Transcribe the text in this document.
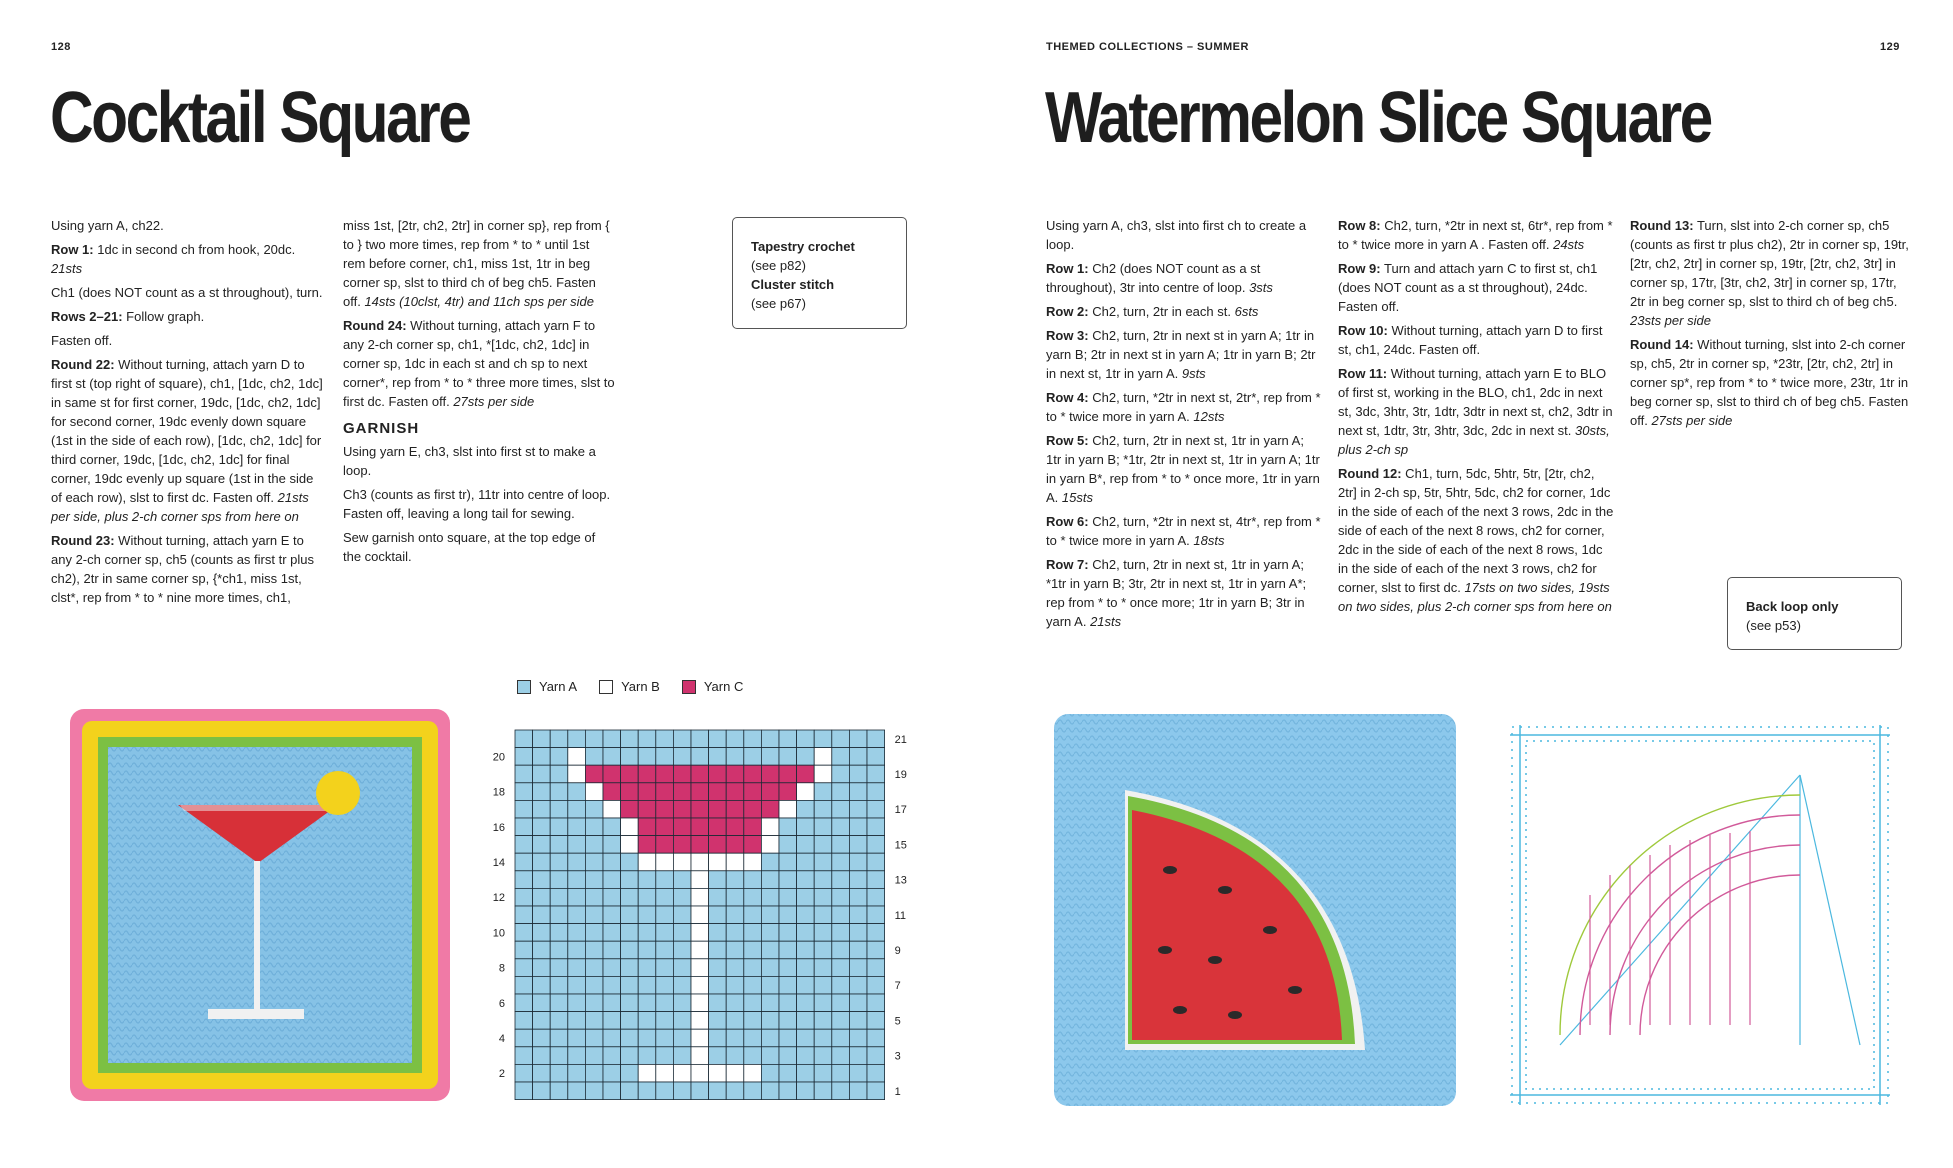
128
Cocktail Square

Using yarn A, ch22.

Row 1: 1dc in second ch from hook, 20dc. 21sts

Ch1 (does NOT count as a st throughout), turn.

Rows 2–21: Follow graph.

Fasten off.

Round 22: Without turning, attach yarn D to first st (top right of square), ch1, [1dc, ch2, 1dc] in same st for first corner, 19dc, [1dc, ch2, 1dc] for second corner, 19dc evenly down square (1st in the side of each row), [1dc, ch2, 1dc] for third corner, 19dc, [1dc, ch2, 1dc] for final corner, 19dc evenly up square (1st in the side of each row), slst to first dc. Fasten off. 21sts per side, plus 2-ch corner sps from here on

Round 23: Without turning, attach yarn E to any 2-ch corner sp, ch5 (counts as first tr plus ch2), 2tr in same corner sp, {*ch1, miss 1st, clst*, rep from * to * nine more times, ch1,

miss 1st, [2tr, ch2, 2tr] in corner sp}, rep from { to } two more times, rep from * to * until 1st rem before corner, ch1, miss 1st, 1tr in beg corner sp, slst to third ch of beg ch5. Fasten off. 14sts (10clst, 4tr) and 11ch sps per side

Round 24: Without turning, attach yarn F to any 2-ch corner sp, ch1, *[1dc, ch2, 1dc] in corner sp, 1dc in each st and ch sp to next corner*, rep from * to * three more times, slst to first dc. Fasten off. 27sts per side

GARNISH

Using yarn E, ch3, slst into first st to make a loop.

Ch3 (counts as first tr), 11tr into centre of loop. Fasten off, leaving a long tail for sewing.

Sew garnish onto square, at the top edge of the cocktail.

Tapestry crochet
(see p82)
Cluster stitch
(see p67)
Yarn A	Yarn B	Yarn C
20
18
16
14
12
10
8
6
4
2
21
19
17
15
13
11
9
7
5
3
1
THEMED COLLECTIONS – SUMMER	129
Watermelon Slice Square

Using yarn A, ch3, slst into first ch to create a loop.

Row 1: Ch2 (does NOT count as a st throughout), 3tr into centre of loop. 3sts

Row 2: Ch2, turn, 2tr in each st. 6sts

Row 3: Ch2, turn, 2tr in next st in yarn A; 1tr in yarn B; 2tr in next st in yarn A; 1tr in yarn B; 2tr in next st, 1tr in yarn A. 9sts

Row 4: Ch2, turn, *2tr in next st, 2tr*, rep from * to * twice more in yarn A. 12sts

Row 5: Ch2, turn, 2tr in next st, 1tr in yarn A; 1tr in yarn B; *1tr, 2tr in next st, 1tr in yarn A; 1tr in yarn B*, rep from * to * once more, 1tr in yarn A. 15sts

Row 6: Ch2, turn, *2tr in next st, 4tr*, rep from * to * twice more in yarn A. 18sts

Row 7: Ch2, turn, 2tr in next st, 1tr in yarn A; *1tr in yarn B; 3tr, 2tr in next st, 1tr in yarn A*; rep from * to * once more; 1tr in yarn B; 3tr in yarn A. 21sts

Row 8: Ch2, turn, *2tr in next st, 6tr*, rep from * to * twice more in yarn A . Fasten off. 24sts

Row 9: Turn and attach yarn C to first st, ch1 (does NOT count as a st throughout), 24dc. Fasten off.

Row 10: Without turning, attach yarn D to first st, ch1, 24dc. Fasten off.

Row 11: Without turning, attach yarn E to BLO of first st, working in the BLO, ch1, 2dc in next st, 3dc, 3htr, 3tr, 1dtr, 3dtr in next st, ch2, 3dtr in next st, 1dtr, 3tr, 3htr, 3dc, 2dc in next st. 30sts, plus 2-ch sp

Round 12: Ch1, turn, 5dc, 5htr, 5tr, [2tr, ch2, 2tr] in 2-ch sp, 5tr, 5htr, 5dc, ch2 for corner, 1dc in the side of each of the next 3 rows, 2dc in the side of each of the next 8 rows, ch2 for corner, 2dc in the side of each of the next 8 rows, 1dc in the side of each of the next 3 rows, ch2 for corner, slst to first dc. 17sts on two sides, 19sts on two sides, plus 2-ch corner sps from here on

Round 13: Turn, slst into 2-ch corner sp, ch5 (counts as first tr plus ch2), 2tr in corner sp, 19tr, [2tr, ch2, 2tr] in corner sp, 19tr, [2tr, ch2, 3tr] in corner sp, 17tr, [3tr, ch2, 3tr] in corner sp, 17tr, 2tr in beg corner sp, slst to third ch of beg ch5. 23sts per side

Round 14: Without turning, slst into 2-ch corner sp, ch5, 2tr in corner sp, *23tr, [2tr, ch2, 2tr] in corner sp*, rep from * to * twice more, 23tr, 1tr in beg corner sp, slst to third ch of beg ch5. Fasten off. 27sts per side

Back loop only
(see p53)
